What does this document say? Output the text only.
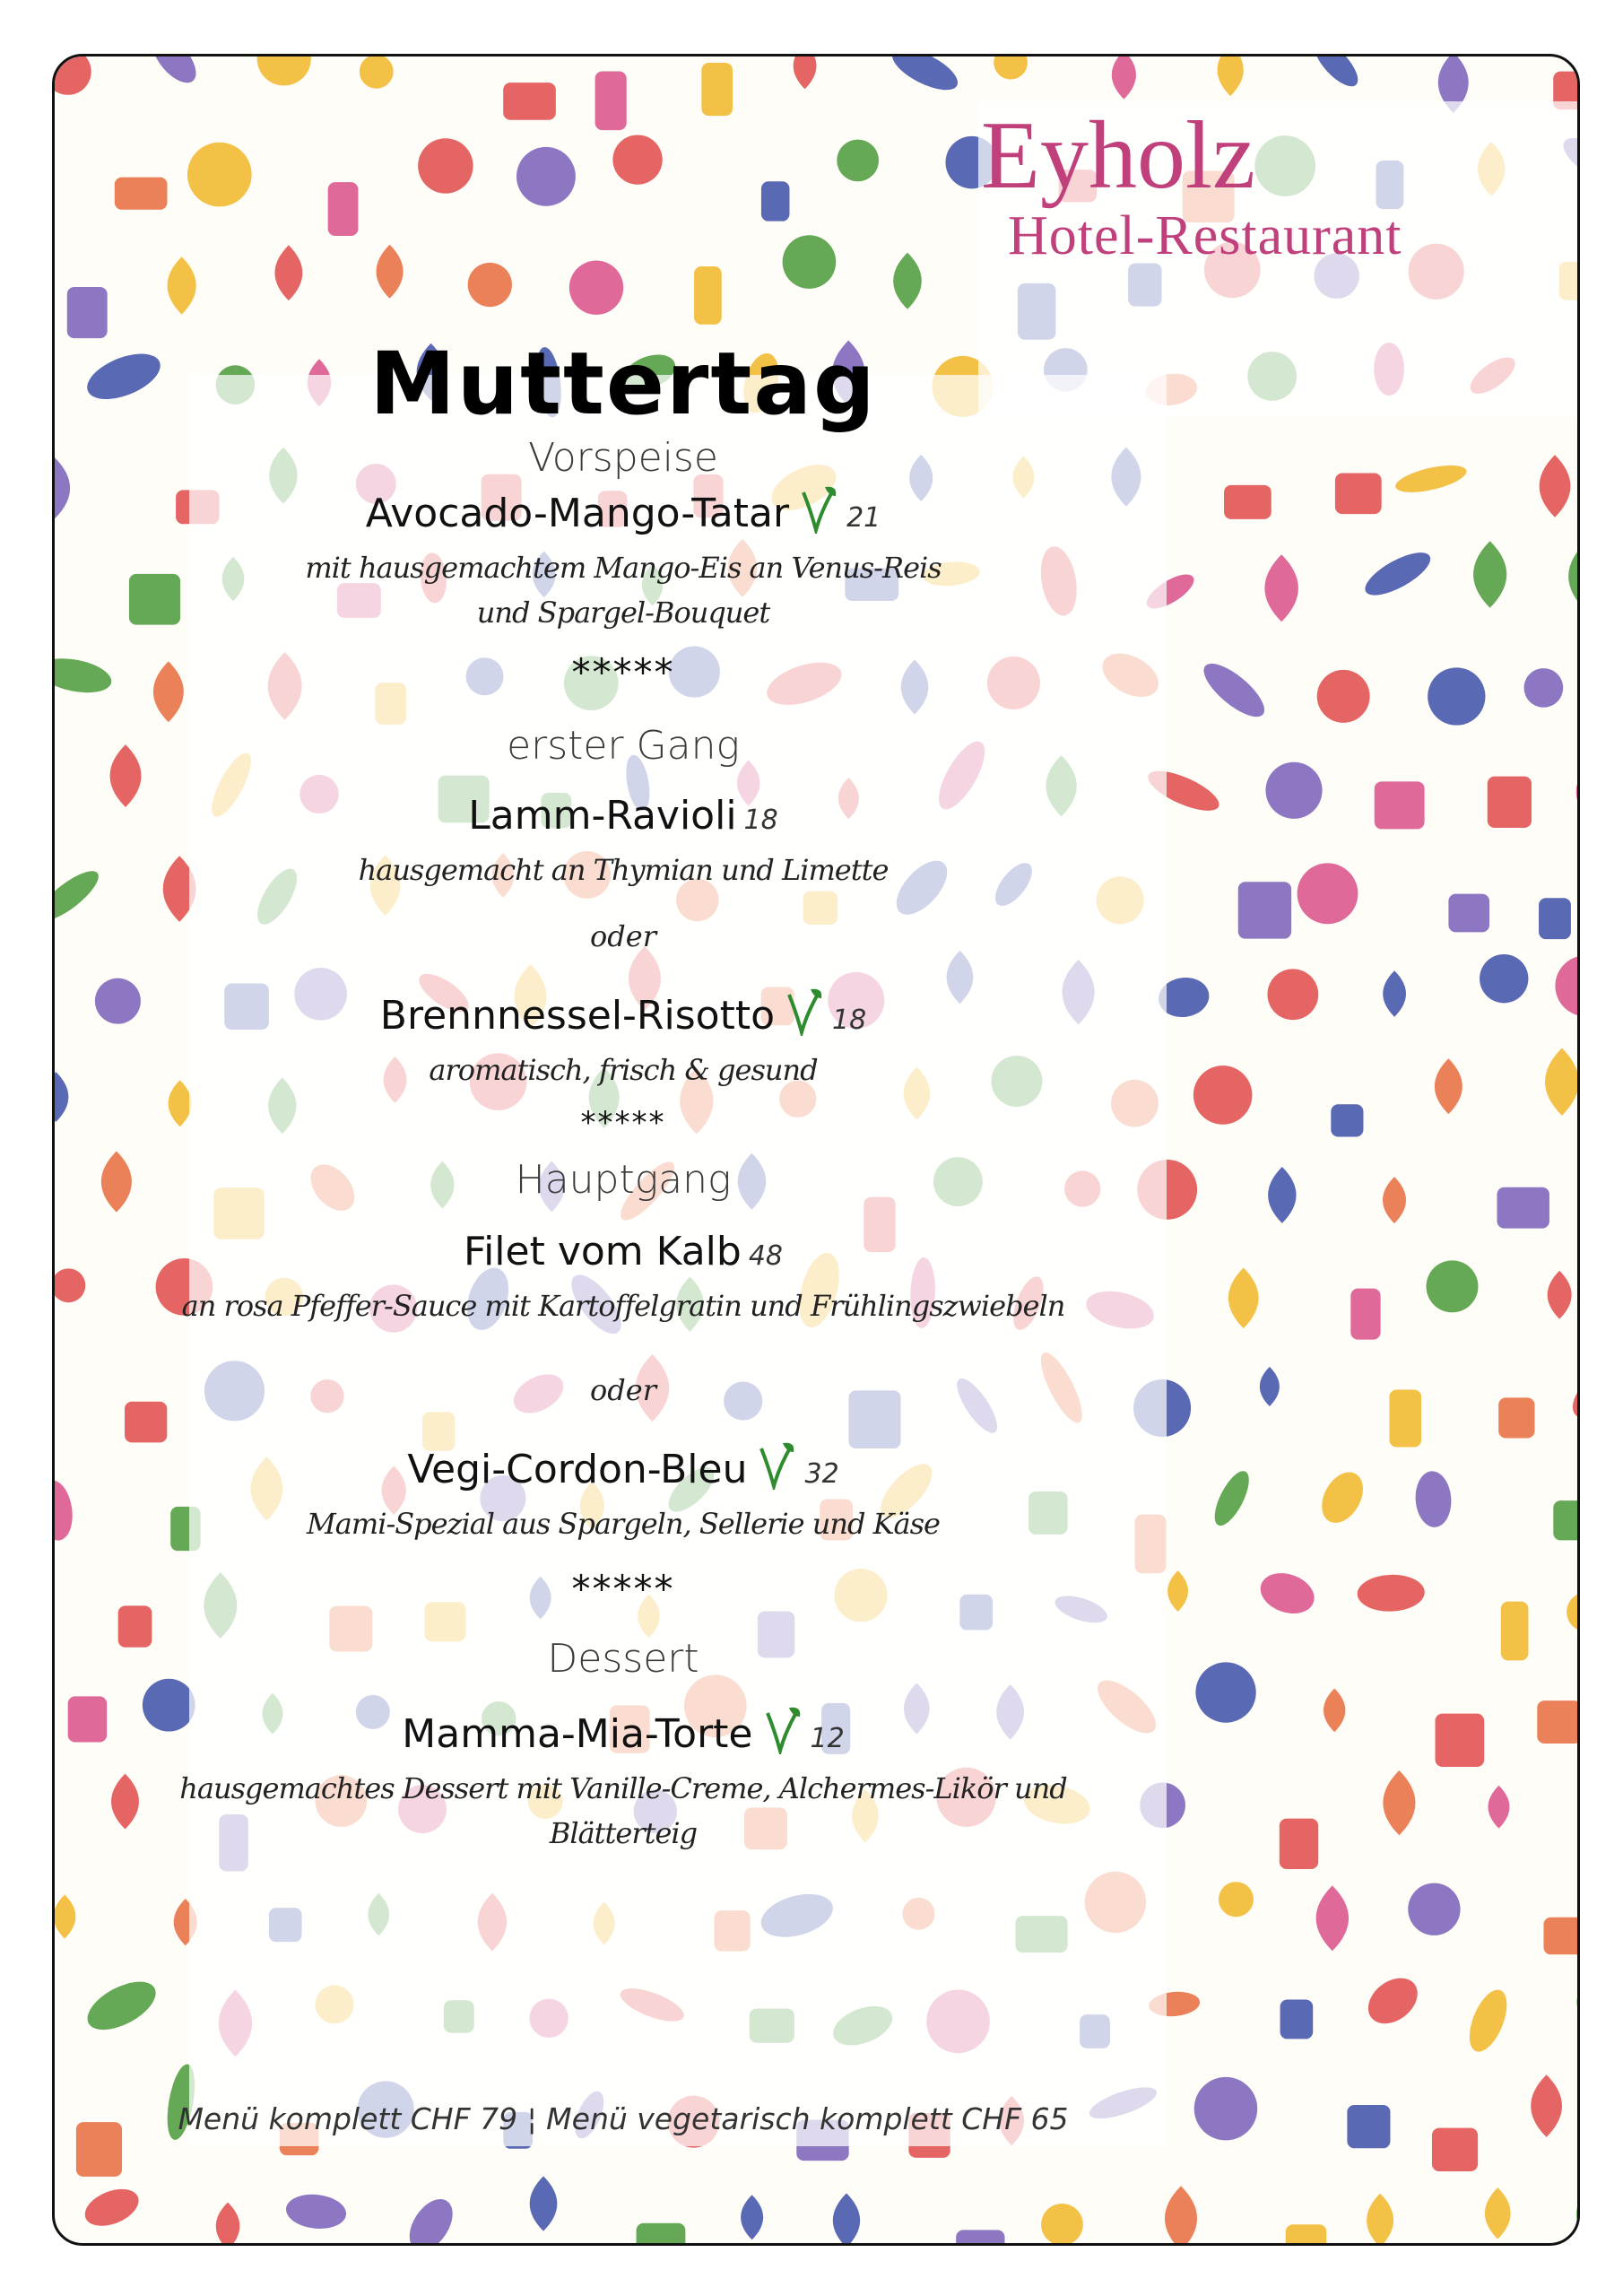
Eyholz
Hotel-Restaurant
Muttertag
Vorspeise
Avocado-Mango-Tatar 21
mit hausgemachtem Mango-Eis an Venus-Reis
und Spargel-Bouquet
*****
erster Gang
Lamm-Ravioli 18
hausgemacht an Thymian und Limette
oder
Brennnessel-Risotto 18
aromatisch, frisch & gesund
*****
Hauptgang
Filet vom Kalb 48
an rosa Pfeffer-Sauce mit Kartoffelgratin und Frühlingszwiebeln
oder
Vegi-Cordon-Bleu 32
Mami-Spezial aus Spargeln, Sellerie und Käse
*****
Dessert
Mamma-Mia-Torte 12
hausgemachtes Dessert mit Vanille-Creme, Alchermes-Likör und
Blätterteig
Menü komplett CHF 79 ¦ Menü vegetarisch komplett CHF 65
